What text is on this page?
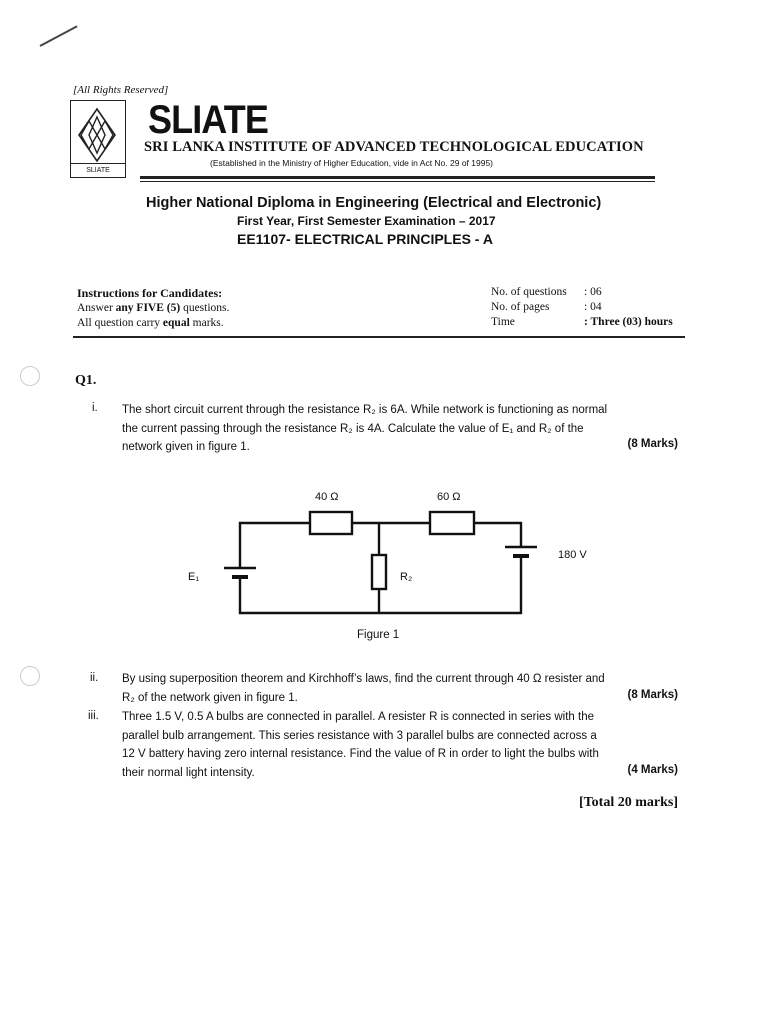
[All Rights Reserved]
SLIATE
SLIATE
SRI LANKA INSTITUTE OF ADVANCED TECHNOLOGICAL EDUCATION
(Established in the Ministry of Higher Education, vide in Act No. 29 of 1995)
Higher National Diploma in Engineering (Electrical and Electronic)
First Year, First Semester Examination – 2017
EE1107- ELECTRICAL PRINCIPLES - A
Instructions for Candidates:
Answer any FIVE (5) questions.
All question carry equal marks.
No. of questions : 06
No. of pages	: 04
Time	: Three (03) hours
Q1.
i. The short circuit current through the resistance R₂ is 6A. While network is functioning as normal
the current passing through the resistance R₂ is 4A. Calculate the value of E₁ and R₂ of the
network given in figure 1.	(8 Marks)
40 Ω	60 Ω
180 V
E₁	R₂
Figure 1
ii. By using superposition theorem and Kirchhoff’s laws, find the current through 40 Ω resister and
R₂ of the network given in figure 1.	(8 Marks)
iii. Three 1.5 V, 0.5 A bulbs are connected in parallel. A resister R is connected in series with the
parallel bulb arrangement. This series resistance with 3 parallel bulbs are connected across a
12 V battery having zero internal resistance. Find the value of R in order to light the bulbs with
their normal light intensity.	(4 Marks)
[Total 20 marks]
